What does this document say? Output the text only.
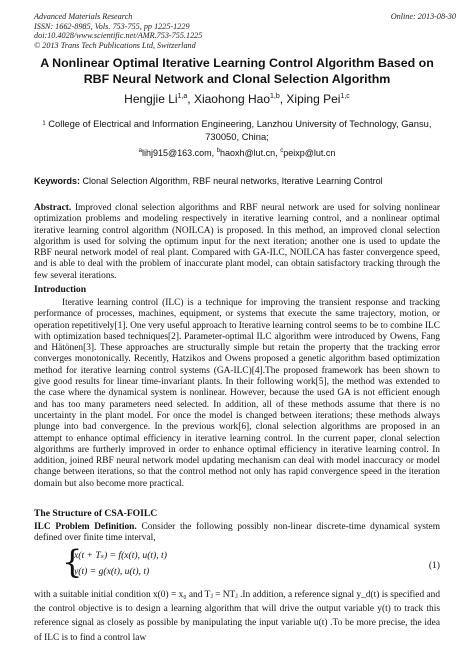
Advanced Materials Research
ISSN: 1662-8985, Vols. 753-755, pp 1225-1229
doi:10.4028/www.scientific.net/AMR.753-755.1225
© 2013 Trans Tech Publications Ltd, Switzerland
Online: 2013-08-30
A Nonlinear Optimal Iterative Learning Control Algorithm Based on RBF Neural Network and Clonal Selection Algorithm
Hengjie Li$^{1,a}$, Xiaohong Hao$^{1,b}$, Xiping Pei$^{1,c}$
¹ College of Electrical and Information Engineering, Lanzhou University of Technology, Gansu,
730050, China;
$^a$lihj915@163.com, $^b$haoxh@lut.cn, $^c$peixp@lut.cn
Keywords: Clonal Selection Algorithm, RBF neural networks, Iterative Learning Control
Abstract. Improved clonal selection algorithms and RBF neural network are used for solving nonlinear optimization problems and modeling respectively in iterative learning control, and a nonlinear optimal iterative learning control algorithm (NOILCA) is proposed. In this method, an improved clonal selection algorithm is used for solving the optimum input for the next iteration; another one is used to update the RBF neural network model of real plant. Compared with GA-ILC, NOILCA has faster convergence speed, and is able to deal with the problem of inaccurate plant model, can obtain satisfactory tracking through the few several iterations.
Introduction
Iterative learning control (ILC) is a technique for improving the transient response and tracking performance of processes, machines, equipment, or systems that execute the same trajectory, motion, or operation repetitively[1]. One very useful approach to Iterative learning control seems to be to combine ILC with optimization based techniques[2]. Parameter-optimal ILC algorithm were introduced by Owens, Fang and Hätönen[3]. These approaches are structurally simple but retain the property that the tracking error converges monotonically. Recently, Hatzikos and Owens proposed a genetic algorithm based optimization method for iterative learning control systems (GA-ILC)[4].The proposed framework has been shown to give good results for linear time-invariant plants. In their following work[5], the method was extended to the case where the dynamical system is nonlinear. However, because the used GA is not efficient enough and has too many parameters need selected. In addition, all of these methods assume that there is no uncertainty in the plant model. For once the model is changed between iterations; these methods always plunge into bad convergence. In the previous work[6], clonal selection algorithms are proposed in an attempt to enhance optimal efficiency in iterative learning control. In the current paper, clonal selection algorithms are furtherly improved in order to enhance optimal efficiency in iterative learning control. In addition, joined RBF neural network model updating mechanism can deal with model inaccuracy or model change between iterations, so that the control method not only has rapid convergence speed in the iteration domain but also become more practical.
The Structure of CSA-FOILC
ILC Problem Definition. Consider the following possibly non-linear discrete-time dynamical system defined over finite time interval,
{
x(t + Tₛ) = f(x(t), u(t), t)
y(t) = g(x(t), u(t), t)
(1)
with a suitable initial condition x(0) = x₀ and Tⱼ = NTⱼ .In addition, a reference signal y_d(t) is specified and the control objective is to design a learning algorithm that will drive the output variable y(t) to track this reference signal as closely as possible by manipulating the input variable u(t) .To be more precise, the idea of ILC is to find a control law
